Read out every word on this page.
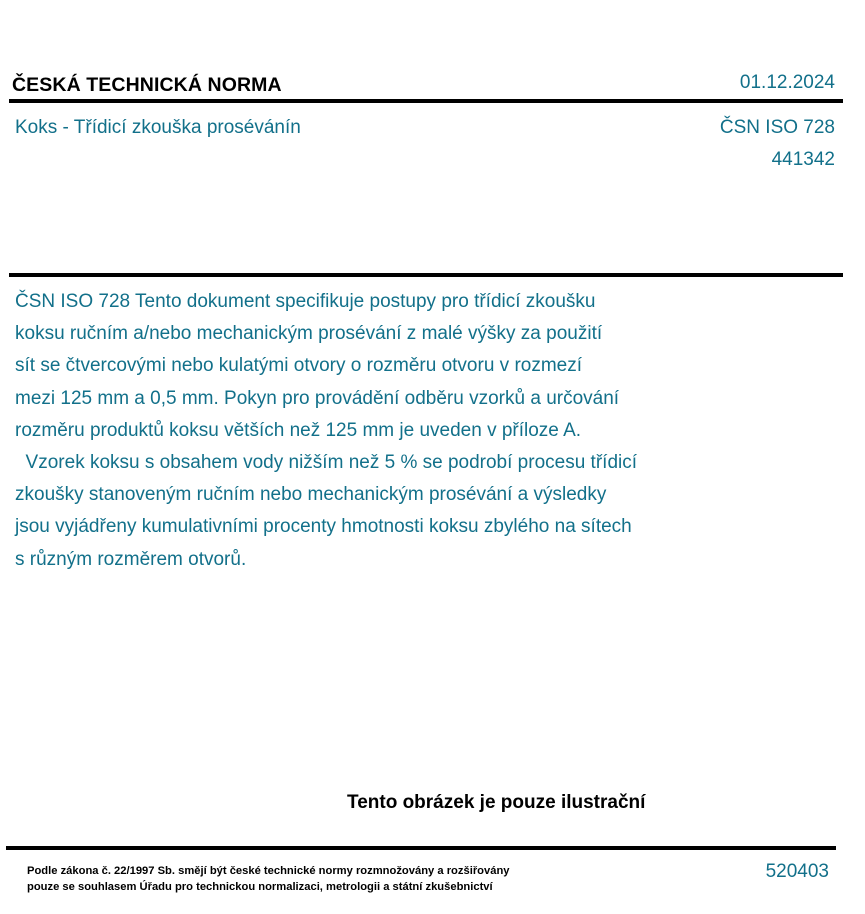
ČESKÁ TECHNICKÁ NORMA	01.12.2024
Koks - Třídicí zkouška prosévánín	ČSN ISO 728
441342
ČSN ISO 728 Tento dokument specifikuje postupy pro třídicí zkoušku
koksu ručním a/nebo mechanickým prosévání z malé výšky za použití
sít se čtvercovými nebo kulatými otvory o rozměru otvoru v rozmezí
mezi 125 mm a 0,5 mm. Pokyn pro provádění odběru vzorků a určování
rozměru produktů koksu větších než 125 mm je uveden v příloze A.
Vzorek koksu s obsahem vody nižším než 5 % se podrobí procesu třídicí
zkoušky stanoveným ručním nebo mechanickým prosévání a výsledky
jsou vyjádřeny kumulativními procenty hmotnosti koksu zbylého na sítech
s různým rozměrem otvorů.
Tento obrázek je pouze ilustrační
Podle zákona č. 22/1997 Sb. smějí být české technické normy rozmnožovány a rozšiřovány
pouze se souhlasem Úřadu pro technickou normalizaci, metrologii a státní zkušebnictví
520403
